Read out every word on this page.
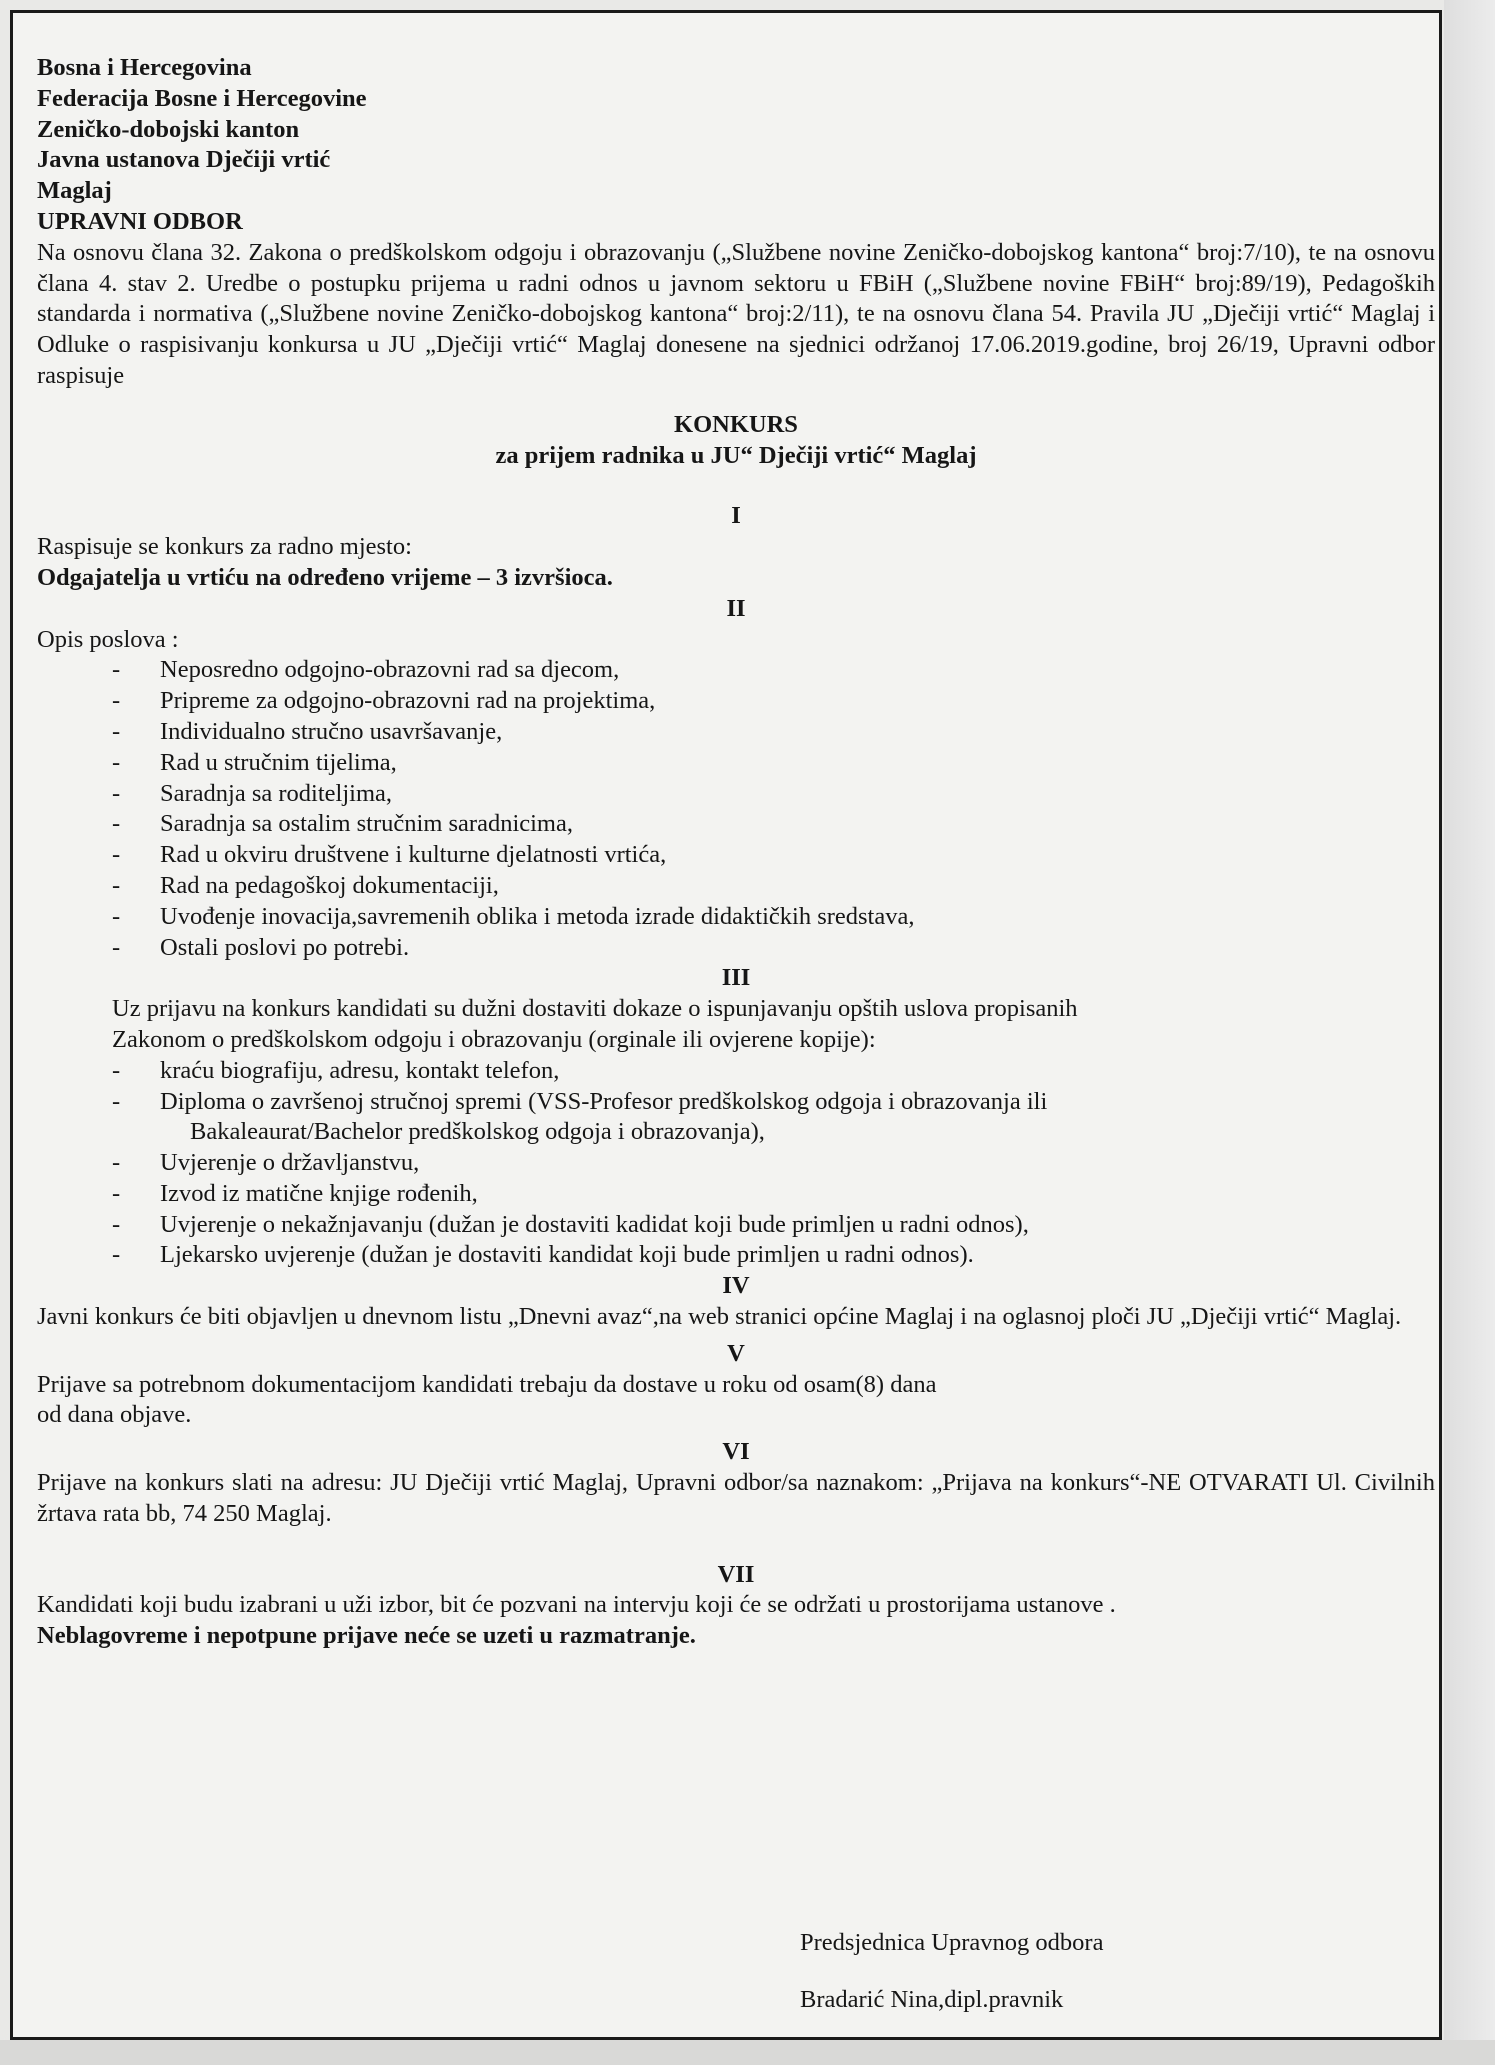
Bosna i Hercegovina
Federacija Bosne i Hercegovine
Zeničko-dobojski kanton
Javna ustanova Dječiji vrtić
Maglaj
UPRAVNI ODBOR
Na osnovu člana 32. Zakona o predškolskom odgoju i obrazovanju („Službene novine Zeničko-dobojskog kantona“ broj:7/10), te na osnovu člana 4. stav 2. Uredbe o postupku prijema u radni odnos u javnom sektoru u FBiH („Službene novine FBiH“ broj:89/19), Pedagoških standarda i normativa („Službene novine Zeničko-dobojskog kantona“ broj:2/11), te na osnovu člana 54. Pravila JU „Dječiji vrtić“ Maglaj i Odluke o raspisivanju konkursa u JU „Dječiji vrtić“ Maglaj donesene na sjednici održanoj 17.06.2019.godine, broj 26/19, Upravni odbor raspisuje
KONKURS
za prijem radnika u JU“ Dječiji vrtić“ Maglaj
I
Raspisuje se konkurs za radno mjesto:
Odgajatelja u vrtiću na određeno vrijeme – 3 izvršioca.
II
Opis poslova :
- Neposredno odgojno-obrazovni rad sa djecom,
- Pripreme za odgojno-obrazovni rad na projektima,
- Individualno stručno usavršavanje,
- Rad u stručnim tijelima,
- Saradnja sa roditeljima,
- Saradnja sa ostalim stručnim saradnicima,
- Rad u okviru društvene i kulturne djelatnosti vrtića,
- Rad na pedagoškoj dokumentaciji,
- Uvođenje inovacija,savremenih oblika i metoda izrade didaktičkih sredstava,
- Ostali poslovi po potrebi.
III
Uz prijavu na konkurs kandidati su dužni dostaviti dokaze o ispunjavanju opštih uslova propisanih
Zakonom o predškolskom odgoju i obrazovanju (orginale ili ovjerene kopije):
- kraću biografiju, adresu, kontakt telefon,
- Diploma o završenoj stručnoj spremi (VSS-Profesor predškolskog odgoja i obrazovanja ili
Bakaleaurat/Bachelor predškolskog odgoja i obrazovanja),
- Uvjerenje o državljanstvu,
- Izvod iz matične knjige rođenih,
- Uvjerenje o nekažnjavanju (dužan je dostaviti kadidat koji bude primljen u radni odnos),
- Ljekarsko uvjerenje (dužan je dostaviti kandidat koji bude primljen u radni odnos).
IV
Javni konkurs će biti objavljen u dnevnom listu „Dnevni avaz“,na web stranici općine Maglaj i na oglasnoj ploči JU „Dječiji vrtić“ Maglaj.
V
Prijave sa potrebnom dokumentacijom kandidati trebaju da dostave u roku od osam(8) dana
od dana objave.
VI
Prijave na konkurs slati na adresu: JU Dječiji vrtić Maglaj, Upravni odbor/sa naznakom: „Prijava na konkurs“-NE OTVARATI Ul. Civilnih žrtava rata bb, 74 250 Maglaj.
VII
Kandidati koji budu izabrani u uži izbor, bit će pozvani na intervju koji će se održati u prostorijama ustanove .
Neblagovreme i nepotpune prijave neće se uzeti u razmatranje.
Predsjednica Upravnog odbora
Bradarić Nina,dipl.pravnik
